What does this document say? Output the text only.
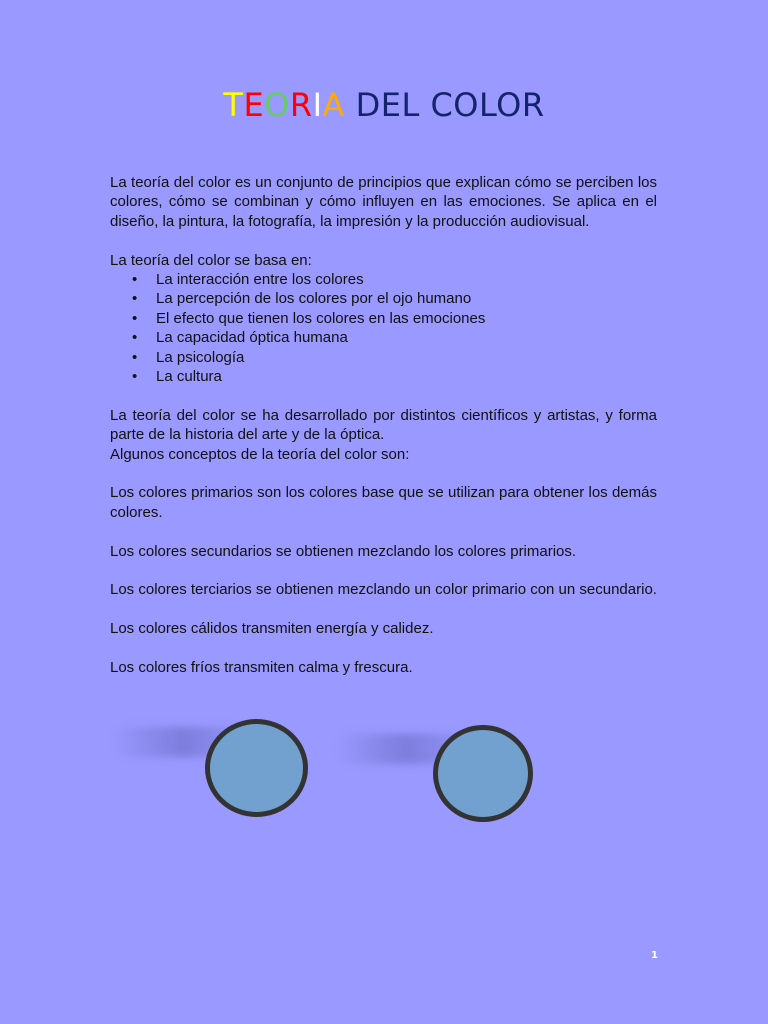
TEORIA DEL COLOR

La teoría del color es un conjunto de principios que explican cómo se perciben los colores, cómo se combinan y cómo influyen en las emociones. Se aplica en el diseño, la pintura, la fotografía, la impresión y la producción audiovisual.

La teoría del color se basa en:

• La interacción entre los colores
• La percepción de los colores por el ojo humano
• El efecto que tienen los colores en las emociones
• La capacidad óptica humana
• La psicología
• La cultura

La teoría del color se ha desarrollado por distintos científicos y artistas, y forma parte de la historia del arte y de la óptica.

Algunos conceptos de la teoría del color son:

Los colores primarios son los colores base que se utilizan para obtener los demás colores.

Los colores secundarios se obtienen mezclando los colores primarios.

Los colores terciarios se obtienen mezclando un color primario con un secundario.

Los colores cálidos transmiten energía y calidez.

Los colores fríos transmiten calma y frescura.

1
